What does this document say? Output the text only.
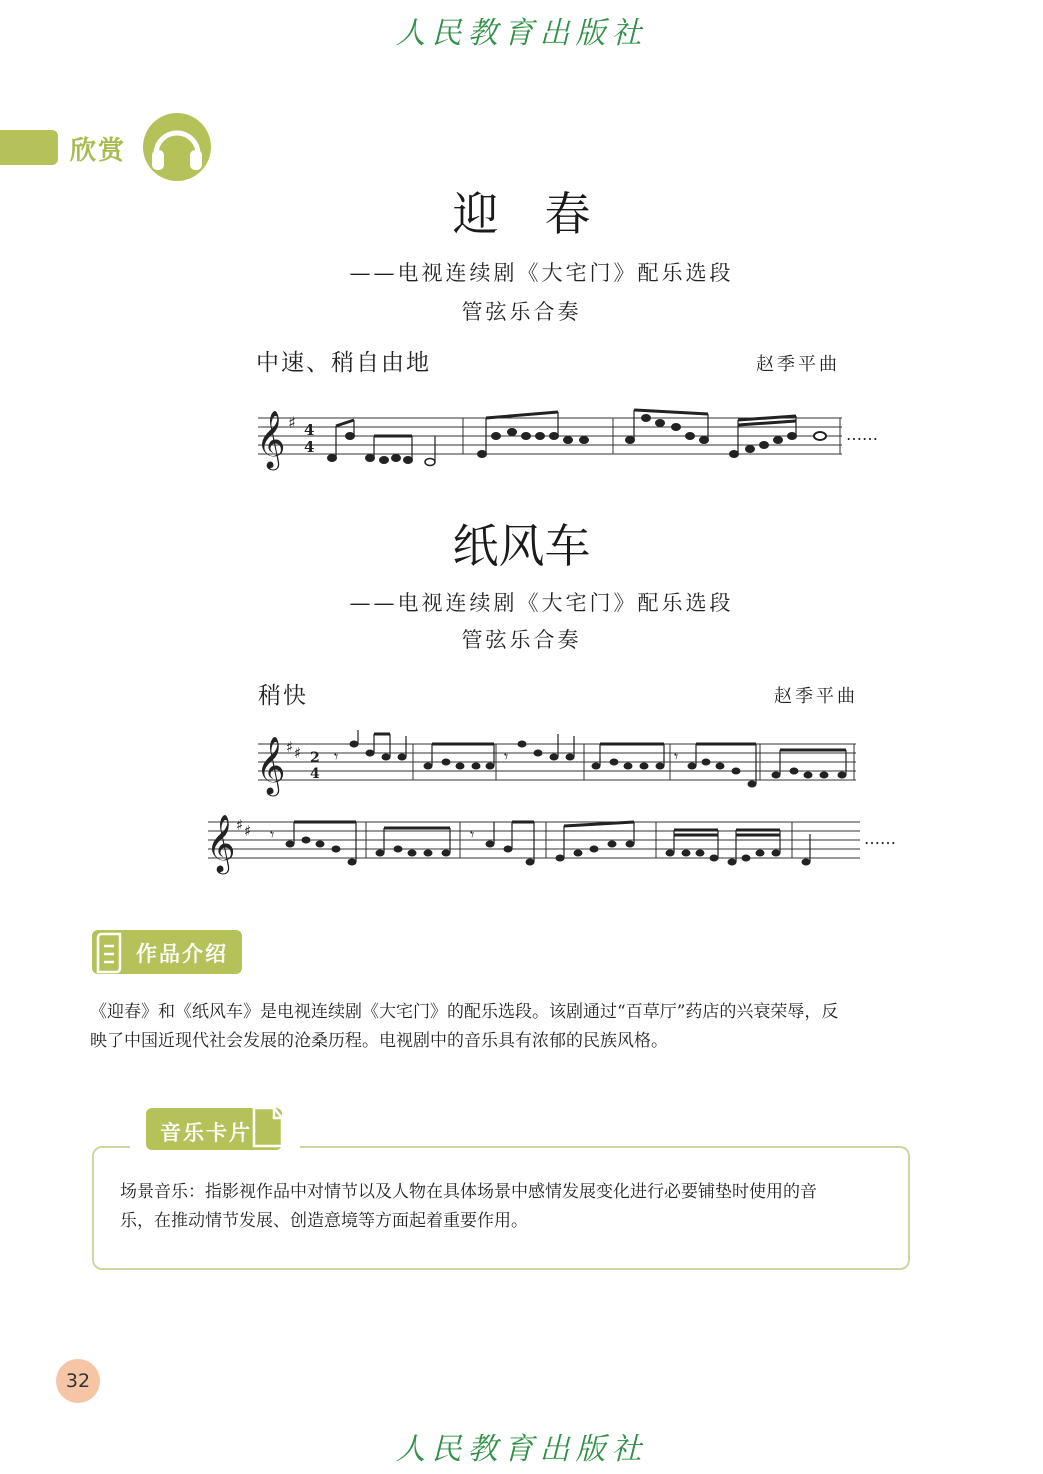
人民教育出版社
欣赏
迎　春
——电视连续剧《大宅门》配乐选段
管弦乐合奏
中速、稍自由地	赵季平曲
𝄞 ♯ 4
4
……
纸风车
——电视连续剧《大宅门》配乐选段
管弦乐合奏
稍快	赵季平曲
𝄞 ♯ ♯ 2
4
𝄾	𝄾	𝄾
𝄞 ♯ ♯ 𝄾	𝄾	……
作品介绍
《迎春》和《纸风车》是电视连续剧《大宅门》的配乐选段。该剧通过“百草厅”药店的兴衰荣辱，反
映了中国近现代社会发展的沧桑历程。电视剧中的音乐具有浓郁的民族风格。
音乐卡片
场景音乐：指影视作品中对情节以及人物在具体场景中感情发展变化进行必要铺垫时使用的音
乐，在推动情节发展、创造意境等方面起着重要作用。
32
人民教育出版社
